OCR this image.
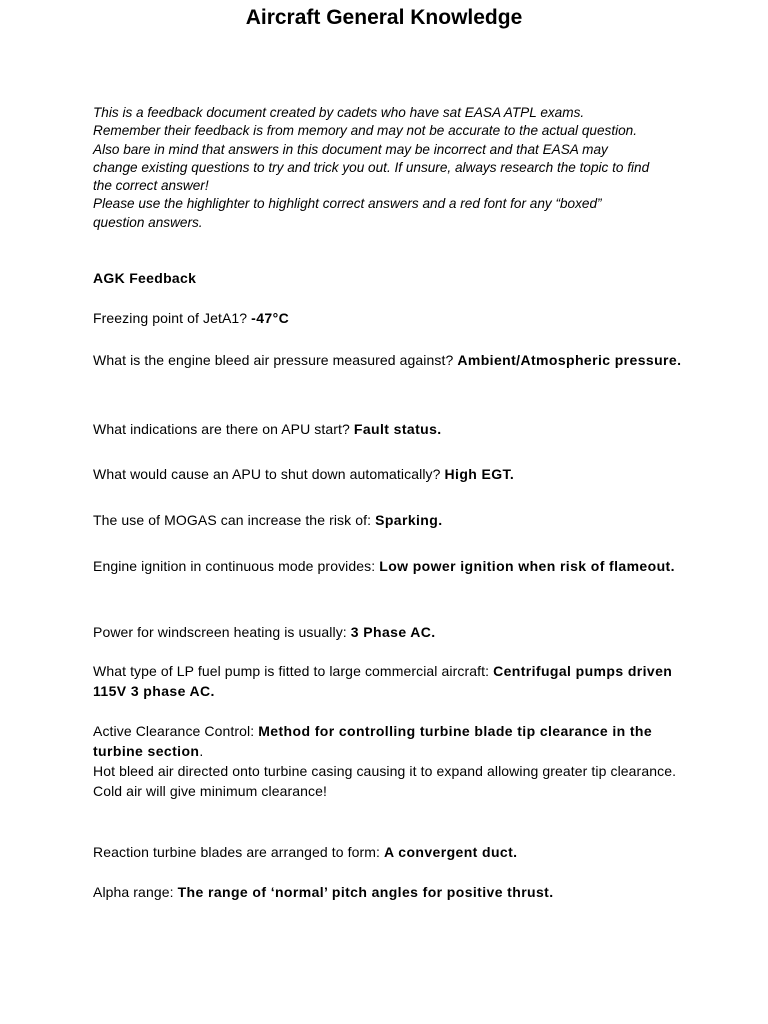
Aircraft General Knowledge
This is a feedback document created by cadets who have sat EASA ATPL exams.
Remember their feedback is from memory and may not be accurate to the actual question.
Also bare in mind that answers in this document may be incorrect and that EASA may
change existing questions to try and trick you out. If unsure, always research the topic to find
the correct answer!
Please use the highlighter to highlight correct answers and a red font for any “boxed”
question answers.
AGK Feedback
Freezing point of JetA1? -47°C
What is the engine bleed air pressure measured against? Ambient/Atmospheric pressure.
What indications are there on APU start? Fault status.
What would cause an APU to shut down automatically? High EGT.
The use of MOGAS can increase the risk of: Sparking.
Engine ignition in continuous mode provides: Low power ignition when risk of flameout.
Power for windscreen heating is usually: 3 Phase AC.
What type of LP fuel pump is fitted to large commercial aircraft: Centrifugal pumps driven 115V 3 phase AC.
Active Clearance Control: Method for controlling turbine blade tip clearance in the turbine section.
Hot bleed air directed onto turbine casing causing it to expand allowing greater tip clearance.
Cold air will give minimum clearance!
Reaction turbine blades are arranged to form: A convergent duct.
Alpha range: The range of ‘normal’ pitch angles for positive thrust.
